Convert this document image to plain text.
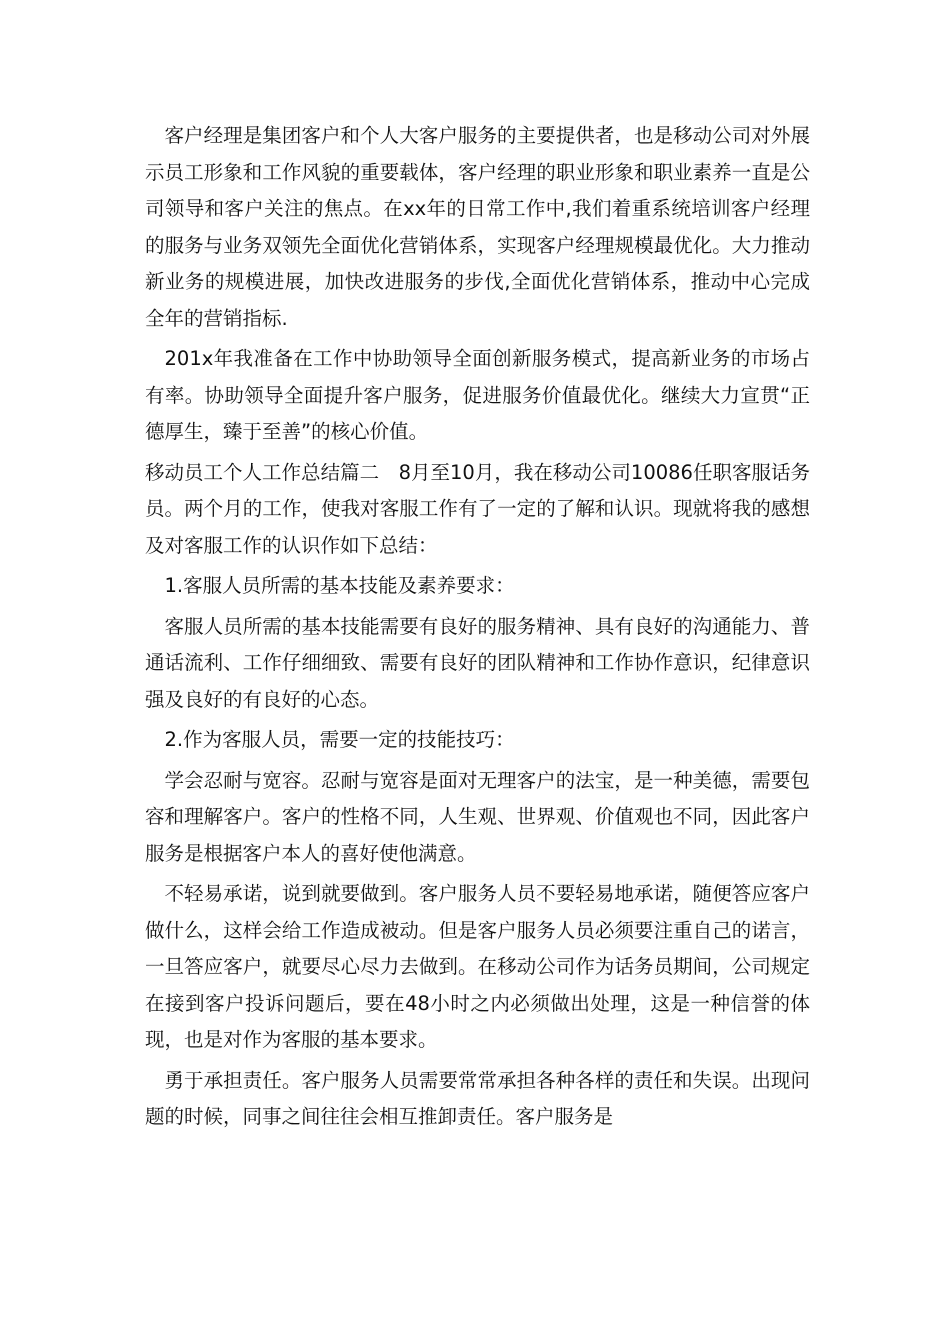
客户经理是集团客户和个人大客户服务的主要提供者，也是移动公司对外展示员工形象和工作风貌的重要载体，客户经理的职业形象和职业素养一直是公司领导和客户关注的焦点。在xx年的日常工作中,我们着重系统培训客户经理的服务与业务双领先全面优化营销体系，实现客户经理规模最优化。大力推动新业务的规模进展，加快改进服务的步伐,全面优化营销体系，推动中心完成全年的营销指标.

201x年我准备在工作中协助领导全面创新服务模式，提高新业务的市场占有率。协助领导全面提升客户服务，促进服务价值最优化。继续大力宣贯“正德厚生，臻于至善”的核心价值。

移动员工个人工作总结篇二　8月至10月，我在移动公司10086任职客服话务员。两个月的工作，使我对客服工作有了一定的了解和认识。现就将我的感想及对客服工作的认识作如下总结：

1.客服人员所需的基本技能及素养要求：

客服人员所需的基本技能需要有良好的服务精神、具有良好的沟通能力、普通话流利、工作仔细细致、需要有良好的团队精神和工作协作意识，纪律意识强及良好的有良好的心态。

2.作为客服人员，需要一定的技能技巧：

学会忍耐与宽容。忍耐与宽容是面对无理客户的法宝，是一种美德，需要包容和理解客户。客户的性格不同，人生观、世界观、价值观也不同，因此客户服务是根据客户本人的喜好使他满意。

不轻易承诺，说到就要做到。客户服务人员不要轻易地承诺，随便答应客户做什么，这样会给工作造成被动。但是客户服务人员必须要注重自己的诺言，一旦答应客户，就要尽心尽力去做到。在移动公司作为话务员期间，公司规定在接到客户投诉问题后，要在48小时之内必须做出处理，这是一种信誉的体现，也是对作为客服的基本要求。

勇于承担责任。客户服务人员需要常常承担各种各样的责任和失误。出现问题的时候，同事之间往往会相互推卸责任。客户服务是
